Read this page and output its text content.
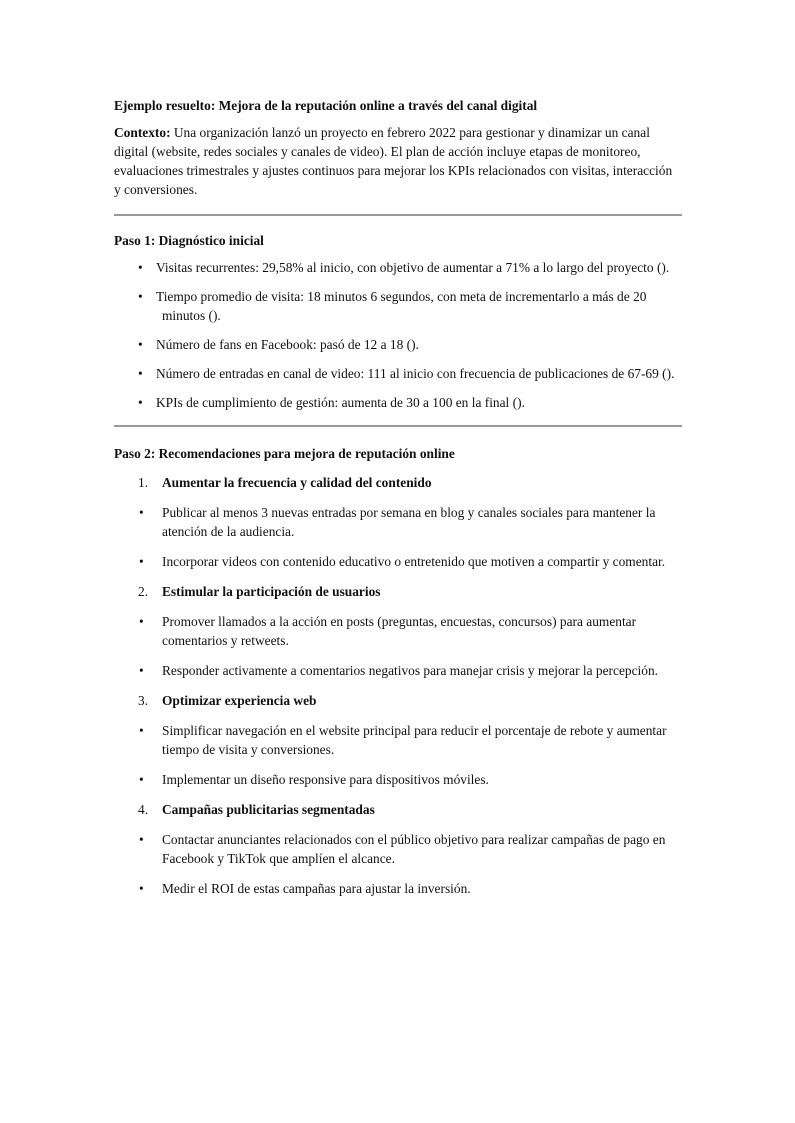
Ejemplo resuelto: Mejora de la reputación online a través del canal digital

Contexto: Una organización lanzó un proyecto en febrero 2022 para gestionar y dinamizar un canal digital (website, redes sociales y canales de video). El plan de acción incluye etapas de monitoreo, evaluaciones trimestrales y ajustes continuos para mejorar los KPIs relacionados con visitas, interacción y conversiones.

Paso 1: Diagnóstico inicial

• Visitas recurrentes: 29,58% al inicio, con objetivo de aumentar a 71% a lo largo del proyecto ().
• Tiempo promedio de visita: 18 minutos 6 segundos, con meta de incrementarlo a más de 20 minutos ().
• Número de fans en Facebook: pasó de 12 a 18 ().
• Número de entradas en canal de video: 111 al inicio con frecuencia de publicaciones de 67-69 ().
• KPIs de cumplimiento de gestión: aumenta de 30 a 100 en la final ().

Paso 2: Recomendaciones para mejora de reputación online

1. Aumentar la frecuencia y calidad del contenido
• Publicar al menos 3 nuevas entradas por semana en blog y canales sociales para mantener la atención de la audiencia.
• Incorporar videos con contenido educativo o entretenido que motiven a compartir y comentar.
2. Estimular la participación de usuarios
• Promover llamados a la acción en posts (preguntas, encuestas, concursos) para aumentar comentarios y retweets.
• Responder activamente a comentarios negativos para manejar crisis y mejorar la percepción.
3. Optimizar experiencia web
• Simplificar navegación en el website principal para reducir el porcentaje de rebote y aumentar tiempo de visita y conversiones.
• Implementar un diseño responsive para dispositivos móviles.
4. Campañas publicitarias segmentadas
• Contactar anunciantes relacionados con el público objetivo para realizar campañas de pago en Facebook y TikTok que amplíen el alcance.
• Medir el ROI de estas campañas para ajustar la inversión.
